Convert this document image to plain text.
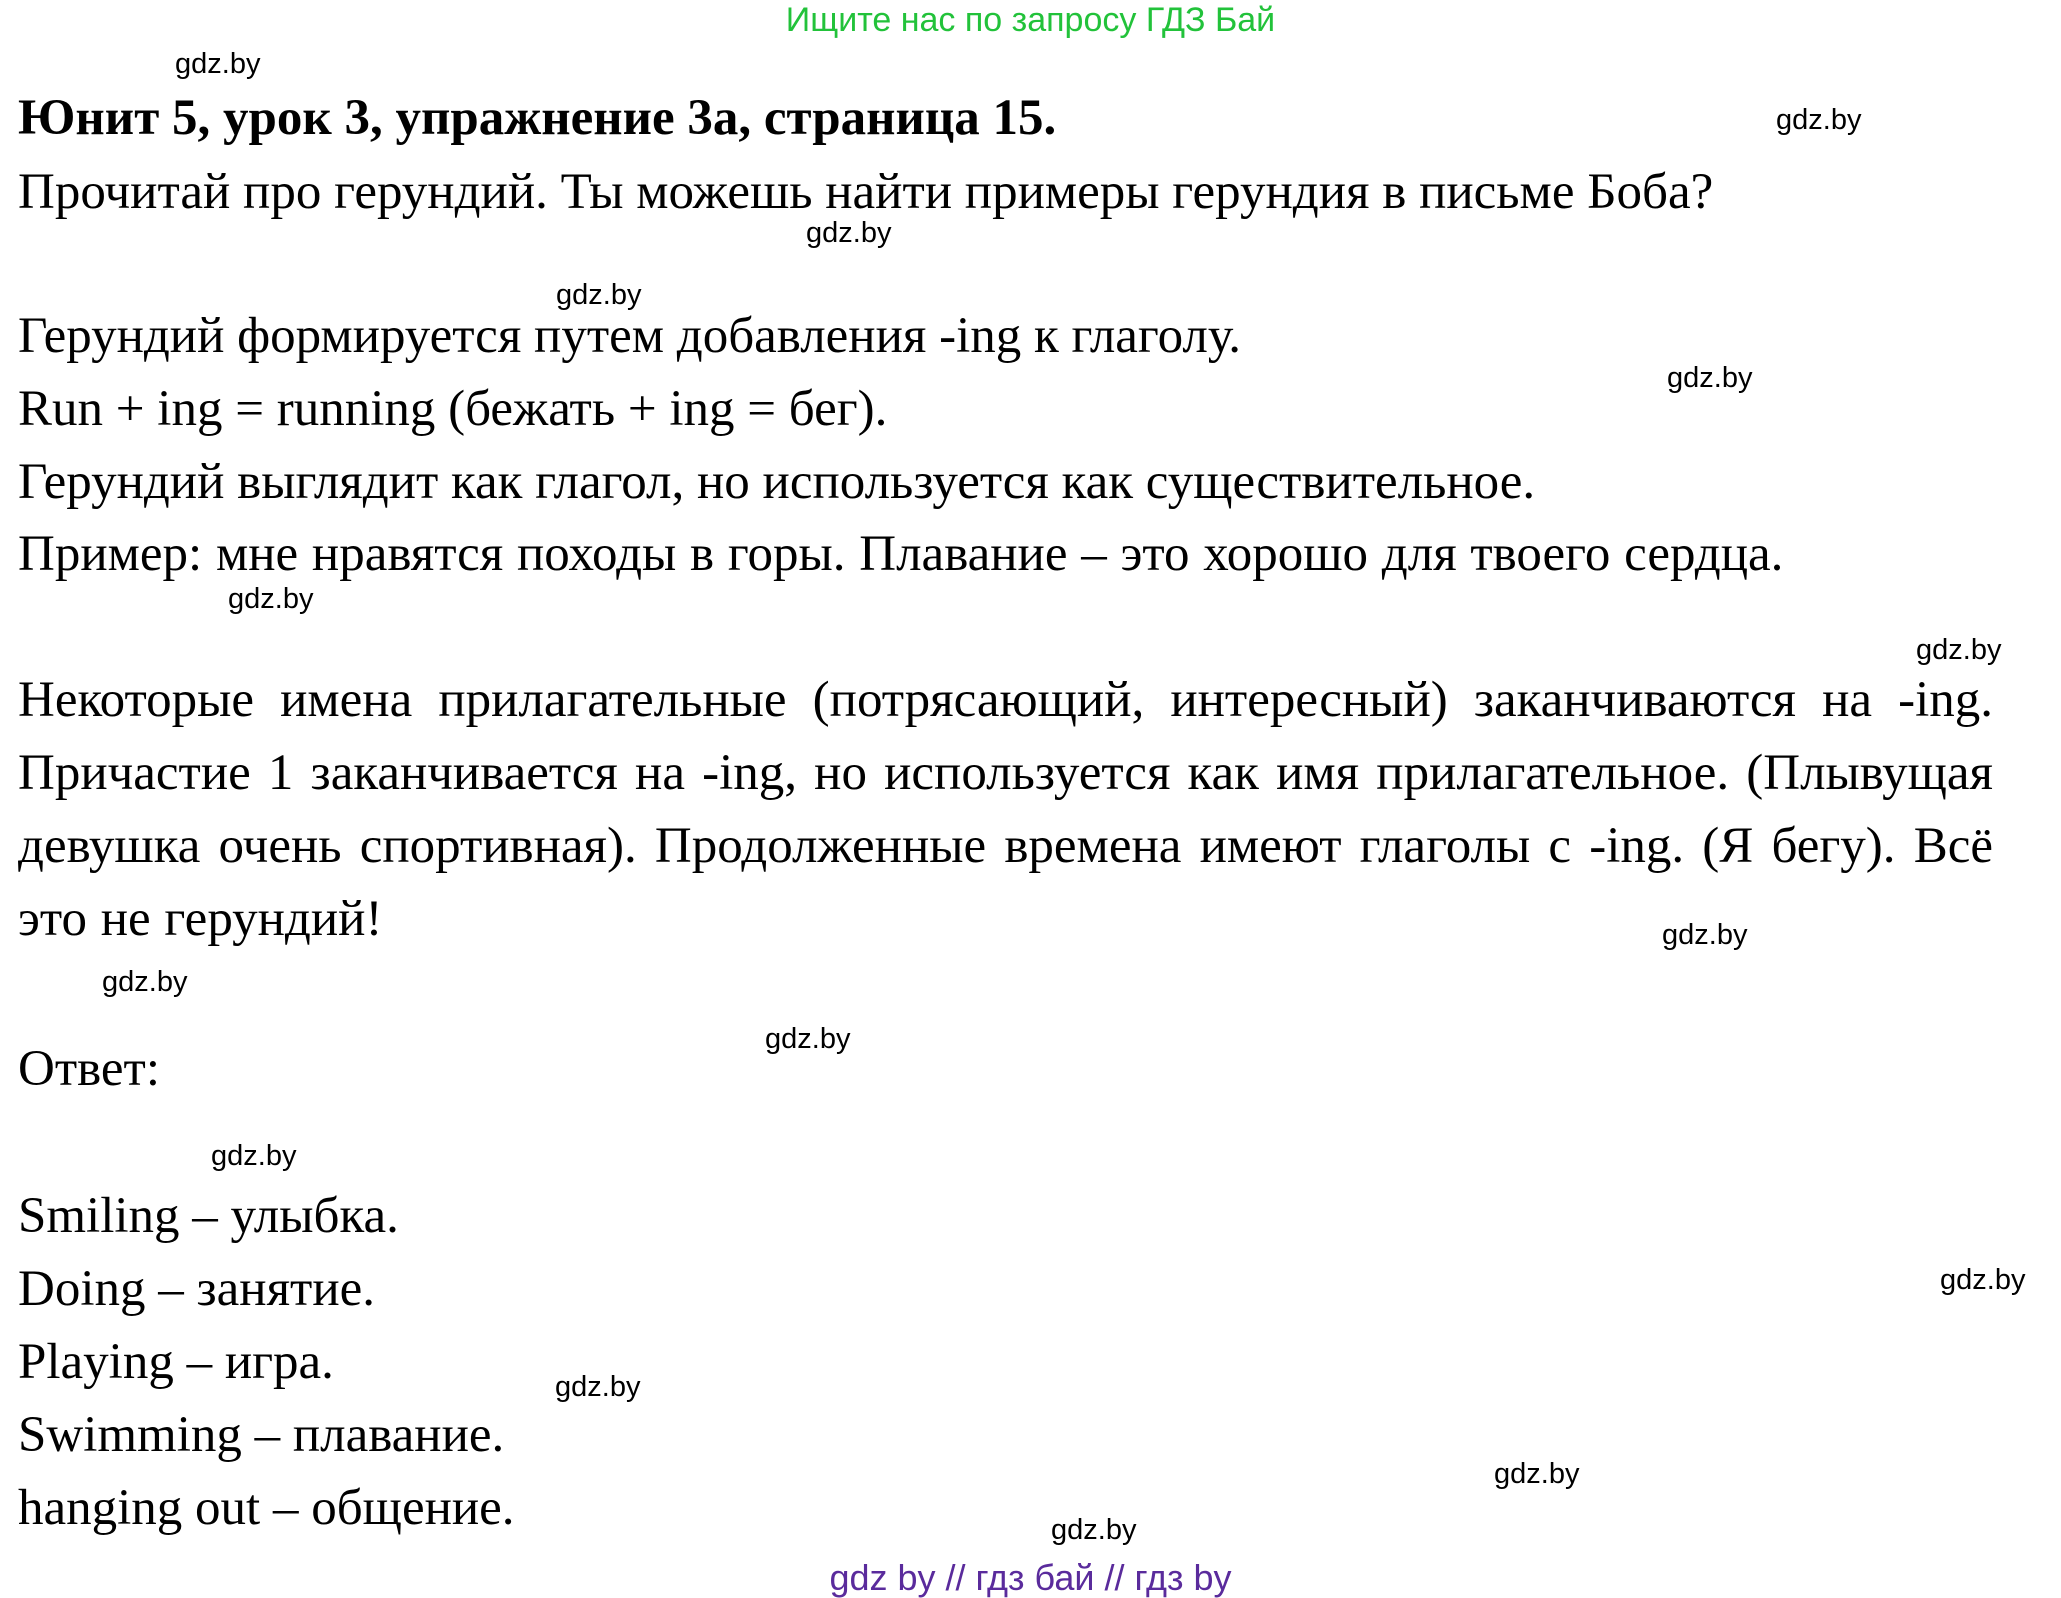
Ищите нас по запросу ГДЗ Бай
Юнит 5, урок 3, упражнение 3а, страница 15.
Прочитай про герундий. Ты можешь найти примеры герундия в письме Боба?
Герундий формируется путем добавления -ing к глаголу.
Run + ing = running (бежать + ing = бег).
Герундий выглядит как глагол, но используется как существительное.
Пример: мне нравятся походы в горы. Плавание – это хорошо для твоего сердца.
Некоторые имена прилагательные (потрясающий, интересный) заканчиваются на -ing. Причастие 1 заканчивается на -ing, но используется как имя прилагательное. (Плывущая девушка очень спортивная). Продолженные времена имеют глаголы с -ing. (Я бегу). Всё это не герундий!
Ответ:
Smiling – улыбка.
Doing – занятие.
Playing – игра.
Swimming – плавание.
hanging out – общение.
gdz.by
gdz.by
gdz.by
gdz.by
gdz.by
gdz.by
gdz.by
gdz.by
gdz.by
gdz.by
gdz.by
gdz.by
gdz.by
gdz.by
gdz.by
gdz by // гдз бай // гдз by
